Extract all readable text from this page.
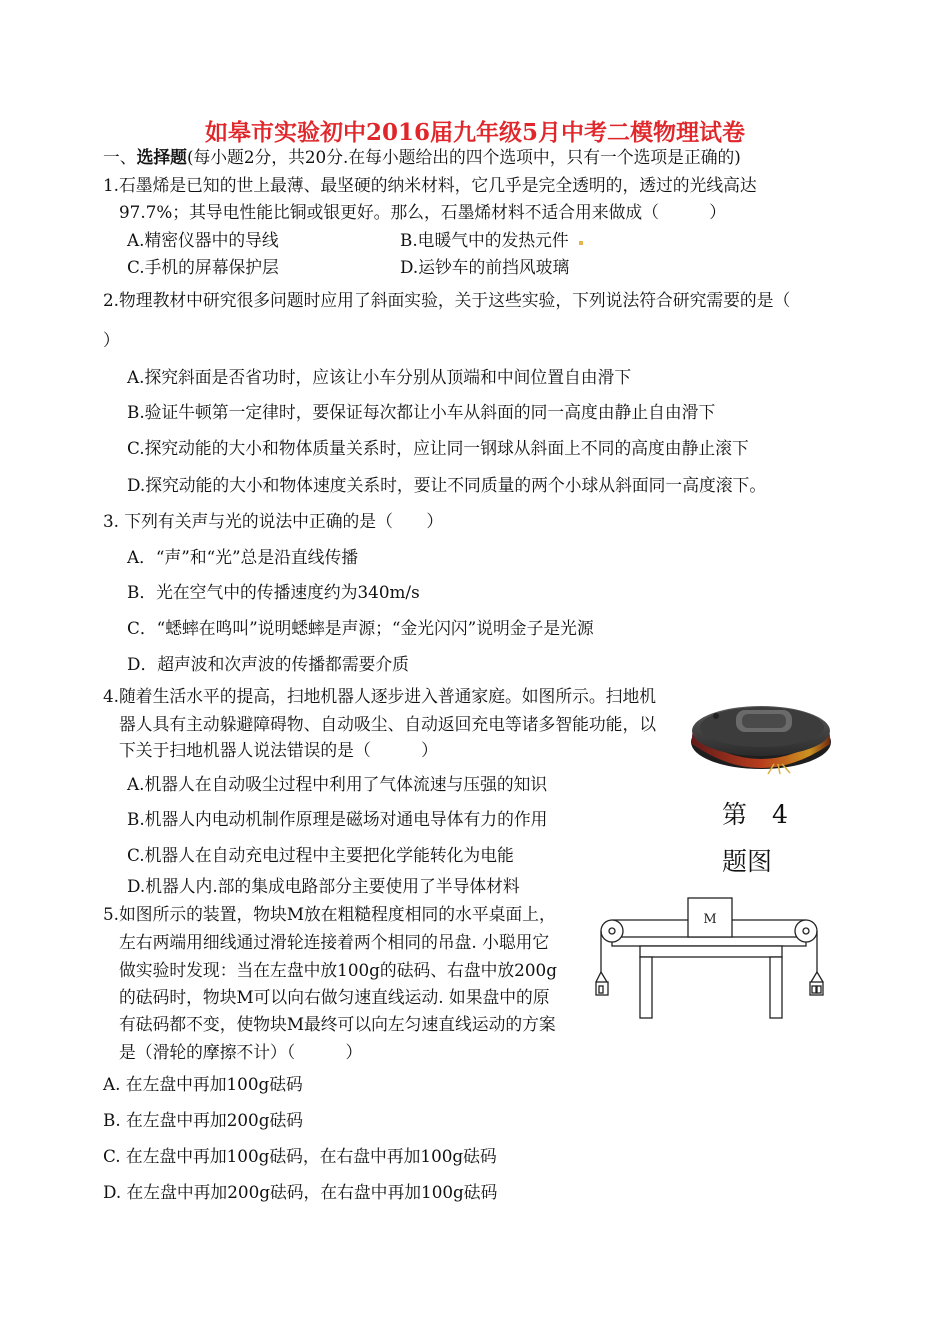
如皋市实验初中2016届九年级5月中考二模物理试卷
一、选择题(每小题2分，共20分.在每小题给出的四个选项中，只有一个选项是正确的)
1.石墨烯是已知的世上最薄、最坚硬的纳米材料，它几乎是完全透明的，透过的光线高达
97.7%；其导电性能比铜或银更好。那么，石墨烯材料不适合用来做成（　　　）
A.精密仪器中的导线	B.电暖气中的发热元件
C.手机的屏幕保护层	D.运钞车的前挡风玻璃
2.物理教材中研究很多问题时应用了斜面实验，关于这些实验，下列说法符合研究需要的是（
）
A.探究斜面是否省功时，应该让小车分别从顶端和中间位置自由滑下
B.验证牛顿第一定律时，要保证每次都让小车从斜面的同一高度由静止自由滑下
C.探究动能的大小和物体质量关系时，应让同一钢球从斜面上不同的高度由静止滚下
D.探究动能的大小和物体速度关系时，要让不同质量的两个小球从斜面同一高度滚下。
3. 下列有关声与光的说法中正确的是（　　）
A．“声”和“光”总是沿直线传播
B．光在空气中的传播速度约为340m/s
C．“蟋蟀在鸣叫”说明蟋蟀是声源；“金光闪闪”说明金子是光源
D．超声波和次声波的传播都需要介质
4.随着生活水平的提高，扫地机器人逐步进入普通家庭。如图所示。扫地机
器人具有主动躲避障碍物、自动吸尘、自动返回充电等诸多智能功能，以
下关于扫地机器人说法错误的是（　　　）
A.机器人在自动吸尘过程中利用了气体流速与压强的知识
B.机器人内电动机制作原理是磁场对通电导体有力的作用
C.机器人在自动充电过程中主要把化学能转化为电能
D.机器人内.部的集成电路部分主要使用了半导体材料
第　4
题图
5.如图所示的装置，物块M放在粗糙程度相同的水平桌面上，
左右两端用细线通过滑轮连接着两个相同的吊盘. 小聪用它
做实验时发现：当在左盘中放100g的砝码、右盘中放200g
的砝码时，物块M可以向右做匀速直线运动. 如果盘中的原
有砝码都不变，使物块M最终可以向左匀速直线运动的方案
是（滑轮的摩擦不计）（　　　）
A. 在左盘中再加100g砝码
B. 在左盘中再加200g砝码
C. 在左盘中再加100g砝码，在右盘中再加100g砝码
D. 在左盘中再加200g砝码，在右盘中再加100g砝码
M
